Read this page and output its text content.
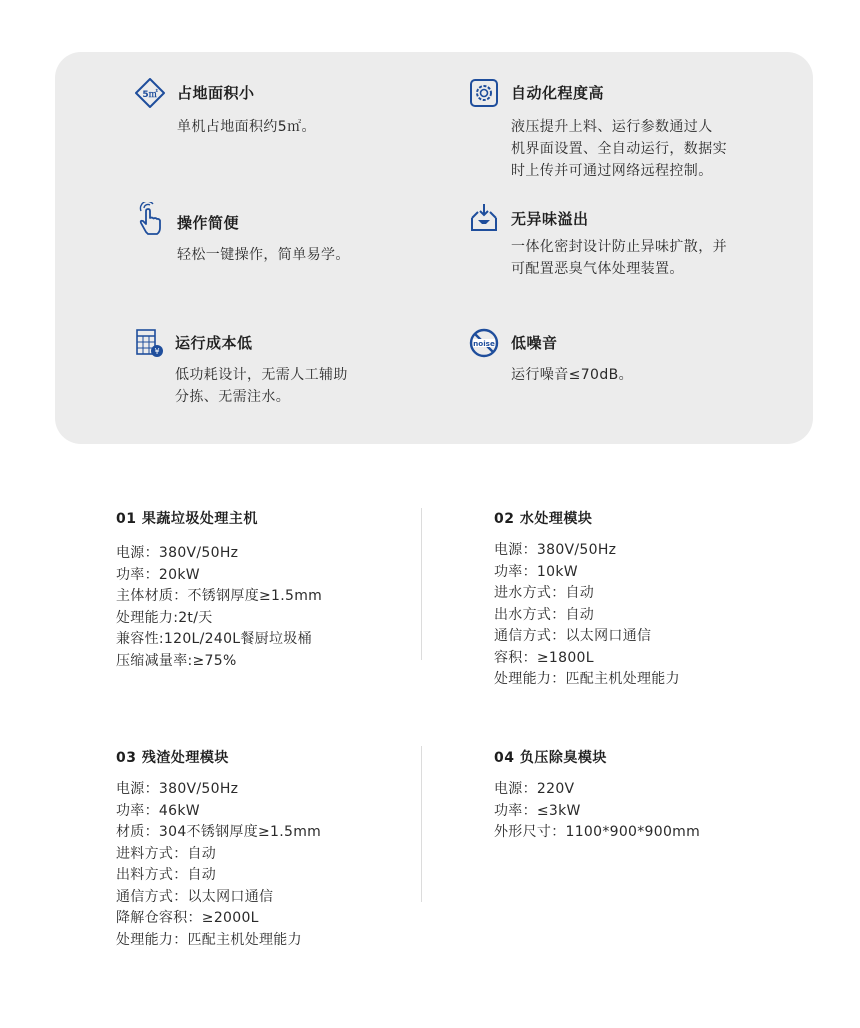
5㎡ 占地面积小
单机占地面积约5㎡。
自动化程度高
液压提升上料、运行参数通过人
机界面设置、全自动运行，数据实
时上传并可通过网络远程控制。
操作简便
轻松一键操作，简单易学。
无异味溢出
一体化密封设计防止异味扩散，并
可配置恶臭气体处理装置。
¥ 运行成本低
低功耗设计，无需人工辅助
分拣、无需注水。
noise 低噪音
运行噪音≤70dB。
01 果蔬垃圾处理主机
电源：380V/50Hz
功率：20kW
主体材质：不锈钢厚度≥1.5mm
处理能力:2t/天
兼容性:120L/240L餐厨垃圾桶
压缩减量率:≥75%
02 水处理模块
电源：380V/50Hz
功率：10kW
进水方式：自动
出水方式：自动
通信方式：以太网口通信
容积：≥1800L
处理能力：匹配主机处理能力
03 残渣处理模块
电源：380V/50Hz
功率：46kW
材质：304不锈钢厚度≥1.5mm
进料方式：自动
出料方式：自动
通信方式：以太网口通信
降解仓容积：≥2000L
处理能力：匹配主机处理能力
04 负压除臭模块
电源：220V
功率：≤3kW
外形尺寸：1100*900*900mm
